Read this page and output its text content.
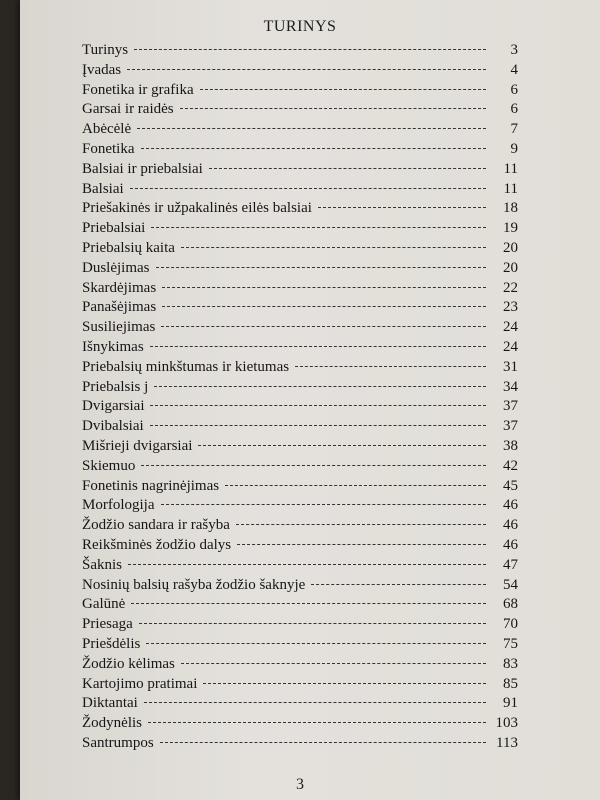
TURINYS
Turinys	3
Įvadas	4
Fonetika ir grafika	6
Garsai ir raidės	6
Abėcėlė	7
Fonetika	9
Balsiai ir priebalsiai	11
Balsiai	11
Priešakinės ir užpakalinės eilės balsiai	18
Priebalsiai	19
Priebalsių kaita	20
Duslėjimas	20
Skardėjimas	22
Panašėjimas	23
Susiliejimas	24
Išnykimas	24
Priebalsių minkštumas ir kietumas	31
Priebalsis j	34
Dvigarsiai	37
Dvibalsiai	37
Mišrieji dvigarsiai	38
Skiemuo	42
Fonetinis nagrinėjimas	45
Morfologija	46
Žodžio sandara ir rašyba	46
Reikšminės žodžio dalys	46
Šaknis	47
Nosinių balsių rašyba žodžio šaknyje	54
Galūnė	68
Priesaga	70
Priešdėlis	75
Žodžio kėlimas	83
Kartojimo pratimai	85
Diktantai	91
Žodynėlis	103
Santrumpos	113
3
